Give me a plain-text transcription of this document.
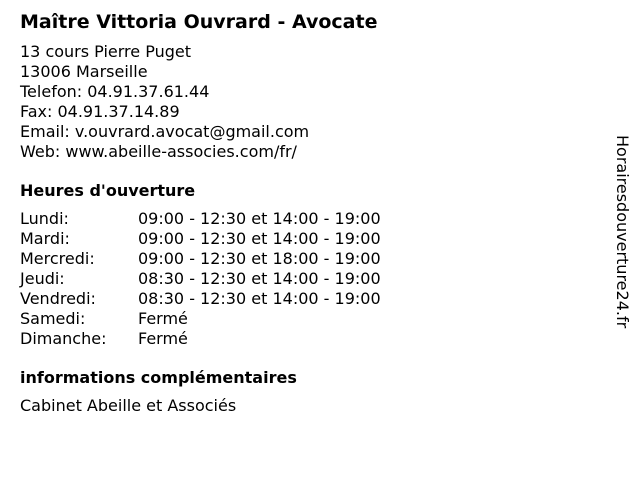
Maître Vittoria Ouvrard - Avocate
13 cours Pierre Puget
13006 Marseille
Telefon: 04.91.37.61.44
Fax: 04.91.37.14.89
Email: v.ouvrard.avocat@gmail.com
Web: www.abeille-associes.com/fr/
Heures d'ouverture
Lundi:	09:00 - 12:30 et 14:00 - 19:00
Mardi:	09:00 - 12:30 et 14:00 - 19:00
Mercredi:	09:00 - 12:30 et 18:00 - 19:00
Jeudi:	08:30 - 12:30 et 14:00 - 19:00
Vendredi:	08:30 - 12:30 et 14:00 - 19:00
Samedi:	Fermé
Dimanche:	Fermé
informations complémentaires
Cabinet Abeille et Associés
Horairesdouverture24.fr
